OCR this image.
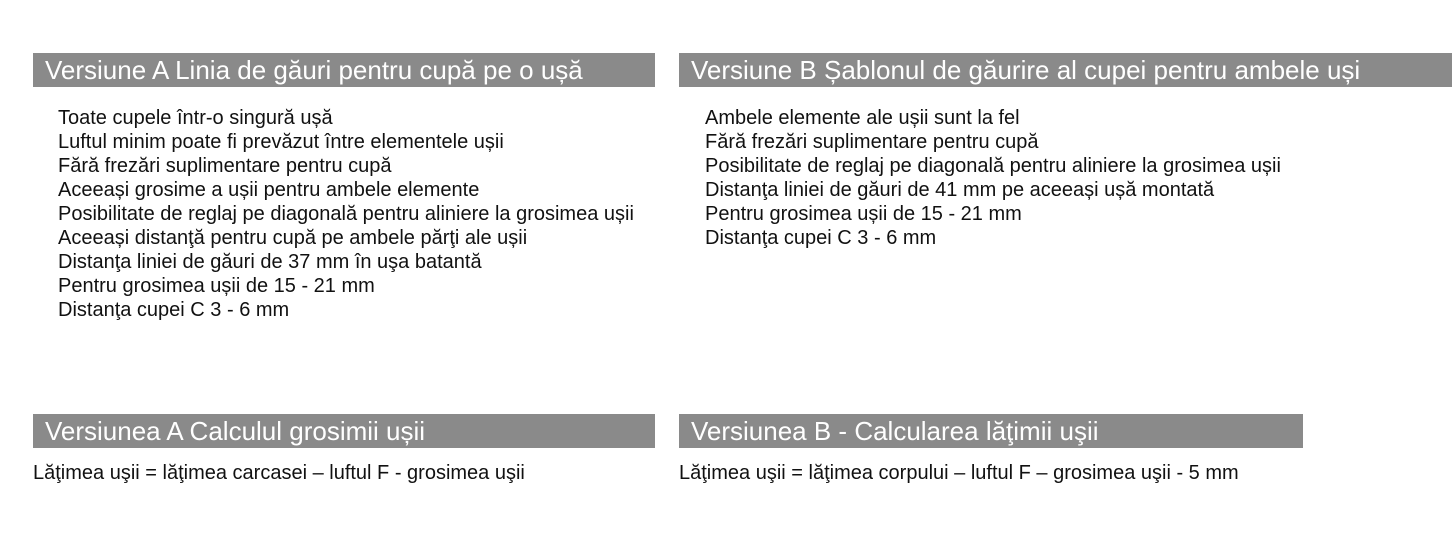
Versiune A Linia de găuri pentru cupă pe o ușă
Toate cupele într-o singură ușă
Luftul minim poate fi prevăzut între elementele ușii
Fără frezări suplimentare pentru cupă
Aceeași grosime a ușii pentru ambele elemente
Posibilitate de reglaj pe diagonală pentru aliniere la grosimea ușii
Aceeași distanţă pentru cupă pe ambele părţi ale ușii
Distanţa liniei de găuri de 37 mm în uşa batantă
Pentru grosimea ușii de 15 - 21 mm
Distanţa cupei C 3 - 6 mm
Versiune B Șablonul de găurire al cupei pentru ambele uși
Ambele elemente ale ușii sunt la fel
Fără frezări suplimentare pentru cupă
Posibilitate de reglaj pe diagonală pentru aliniere la grosimea ușii
Distanţa liniei de găuri de 41 mm pe aceeași ușă montată
Pentru grosimea ușii de 15 - 21 mm
Distanţa cupei C 3 - 6 mm
Versiunea A Calculul grosimii ușii
Lăţimea uşii = lăţimea carcasei – luftul F - grosimea uşii
Versiunea B - Calcularea lăţimii uşii
Lăţimea uşii = lăţimea corpului – luftul F – grosimea uşii - 5 mm
